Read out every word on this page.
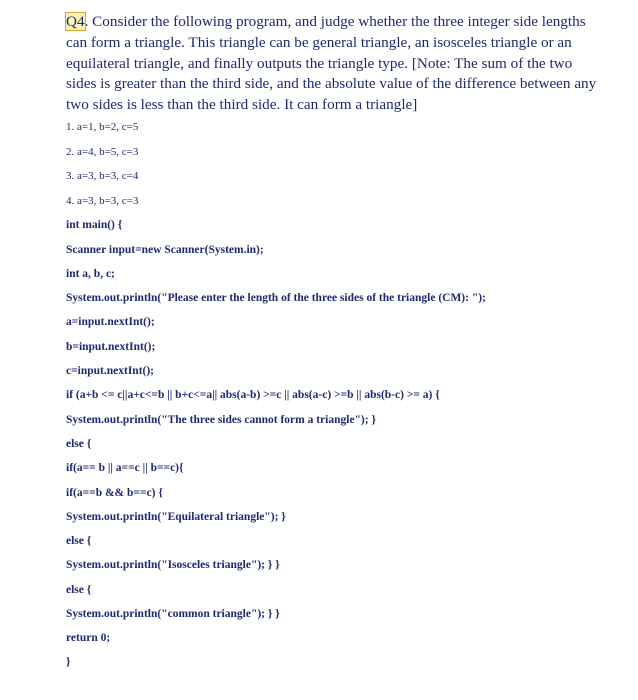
Q4. Consider the following program, and judge whether the three integer side lengths can form a triangle. This triangle can be general triangle, an isosceles triangle or an equilateral triangle, and finally outputs the triangle type. [Note: The sum of the two sides is greater than the third side, and the absolute value of the difference between any two sides is less than the third side. It can form a triangle]

1. a=1, b=2, c=5
2. a=4, b=5, c=3
3. a=3, b=3, c=4
4. a=3, b=3, c=3
int main() {
Scanner input=new Scanner(System.in);
int a, b, c;
System.out.println("Please enter the length of the three sides of the triangle (CM): ");
a=input.nextInt();
b=input.nextInt();
c=input.nextInt();
if (a+b <= c||a+c<=b || b+c<=a|| abs(a-b) >=c || abs(a-c) >=b || abs(b-c) >= a) {
System.out.println("The three sides cannot form a triangle"); }
else {
if(a== b || a==c || b==c){
if(a==b && b==c) {
System.out.println("Equilateral triangle"); }
else {
System.out.println("Isosceles triangle"); } }
else {
System.out.println("common triangle"); } }
return 0;
}
